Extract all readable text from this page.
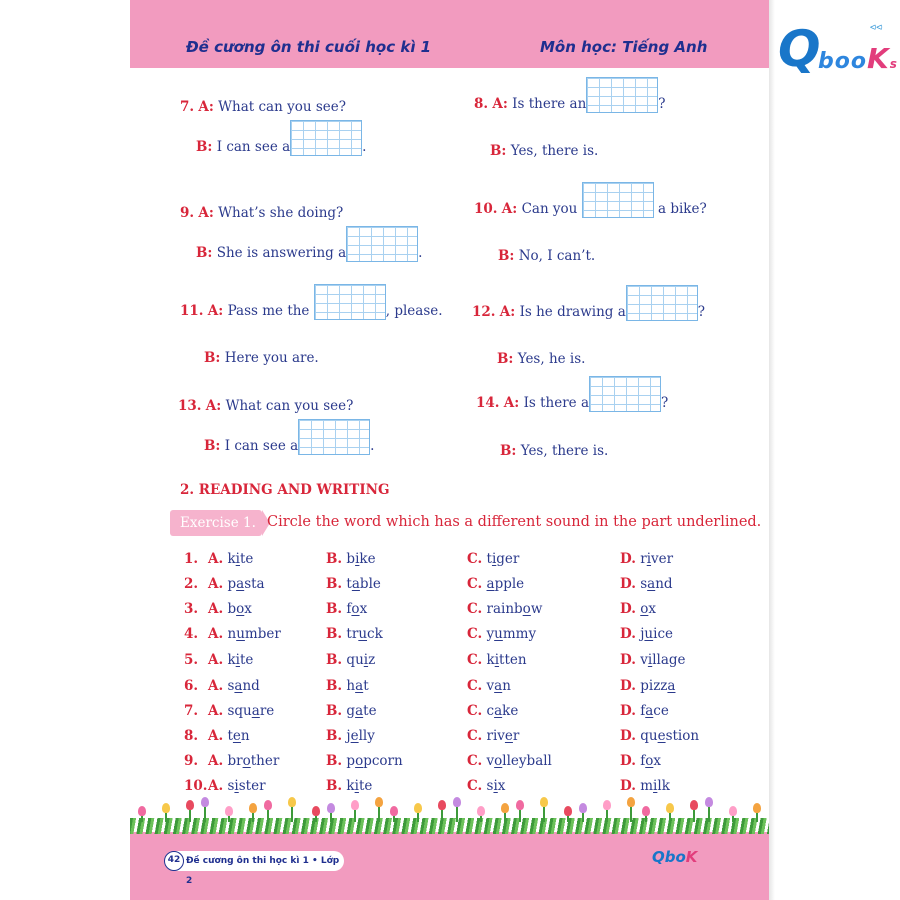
Đề cương ôn thi cuối học kì 1	Môn học: Tiếng Anh Q
booKs
⪦⪦
7. A: What can you see?
B: I can see a	.
8. A: Is there an	?
B: Yes, there is.
9. A: What’s she doing?
B: She is answering a	.
10. A: Can you	a bike?
B: No, I can’t.
11. A: Pass me the	, please.
B: Here you are.
12. A: Is he drawing a	?
B: Yes, he is.
13. A: What can you see?
B: I can see a	.
14. A: Is there a	?
B: Yes, there is.
2. READING AND WRITING
Exercise 1. Circle the word which has a different sound in the part underlined.
1. A. kite	B. bike	C. tiger	D. river
2. A. pasta	B. table	C. apple	D. sand
3. A. box	B. fox	C. rainbow	D. ox
4. A. number	B. truck	C. yummy	D. juice
5. A. kite	B. quiz	C. kitten	D. village
6. A. sand	B. hat	C. van	D. pizza
7. A. square	B. gate	C. cake	D. face
8. A. ten	B. jelly	C. river	D. question
9. A. brother	B. popcorn	C. volleyball	D. fox
10. A. sister	B. kite	C. six	D. milk
Đề cương ôn thi học kì 1 • Lớp 2
42	QboK
